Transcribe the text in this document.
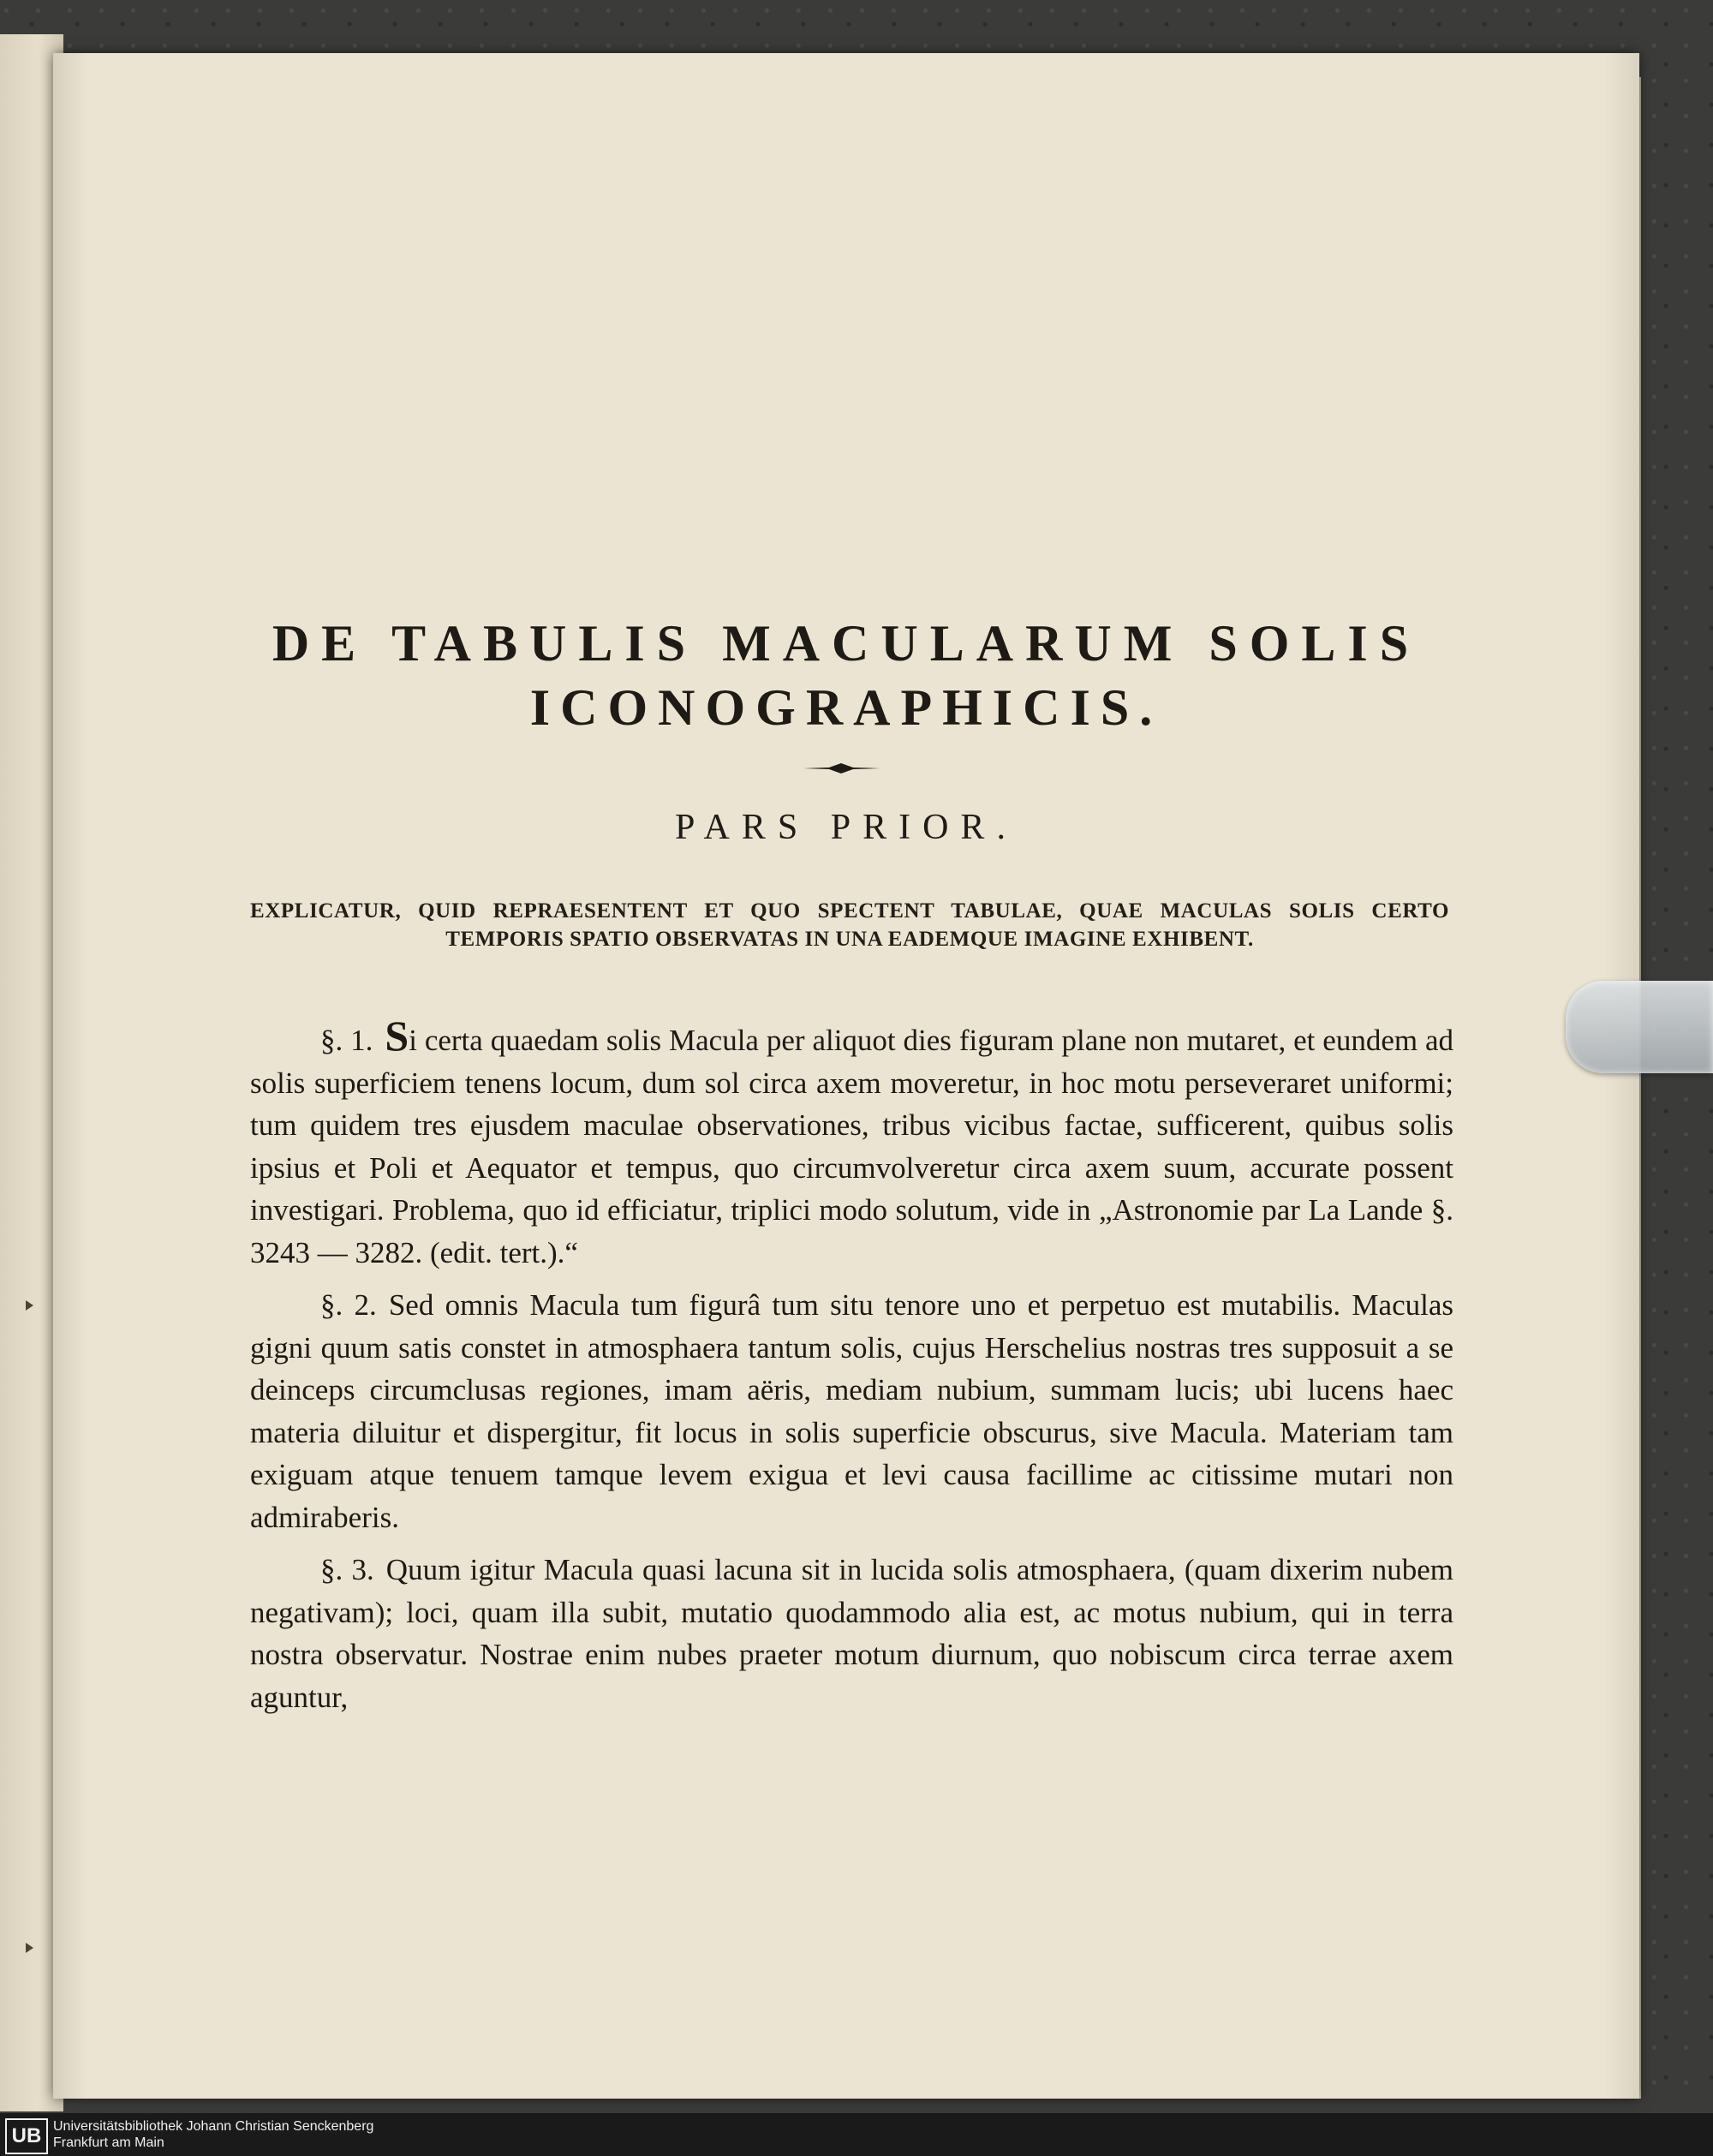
DE TABULIS MACULARUM SOLIS
ICONOGRAPHICIS.
PARS PRIOR.
EXPLICATUR, QUID REPRAESENTENT ET QUO SPECTENT TABULAE, QUAE MACULAS SOLIS CERTO TEMPORIS SPATIO OBSERVATAS IN UNA EADEMQUE IMAGINE EXHIBENT.

§. 1. Si certa quaedam solis Macula per aliquot dies figuram plane non mutaret, et eundem ad solis superficiem tenens locum, dum sol circa axem moveretur, in hoc motu perseveraret uniformi; tum quidem tres ejusdem maculae observationes, tribus vicibus factae, sufficerent, quibus solis ipsius et Poli et Aequator et tempus, quo circumvolveretur circa axem suum, accurate possent investigari. Problema, quo id efficiatur, triplici modo solutum, vide in „Astronomie par La Lande §. 3243 — 3282. (edit. tert.).“

§. 2. Sed omnis Macula tum figurâ tum situ tenore uno et perpetuo est mutabilis. Maculas gigni quum satis constet in atmosphaera tantum solis, cujus Herschelius nostras tres supposuit a se deinceps circumclusas regiones, imam aëris, mediam nubium, summam lucis; ubi lucens haec materia diluitur et dispergitur, fit locus in solis superficie obscurus, sive Macula. Materiam tam exiguam atque tenuem tamque levem exigua et levi causa facillime ac citissime mutari non admiraberis.

§. 3. Quum igitur Macula quasi lacuna sit in lucida solis atmosphaera, (quam dixerim nubem negativam); loci, quam illa subit, mutatio quodammodo alia est, ac motus nubium, qui in terra nostra observatur. Nostrae enim nubes praeter motum diurnum, quo nobiscum circa terrae axem aguntur,

UB Universitätsbibliothek Johann Christian Senckenberg
Frankfurt am Main
